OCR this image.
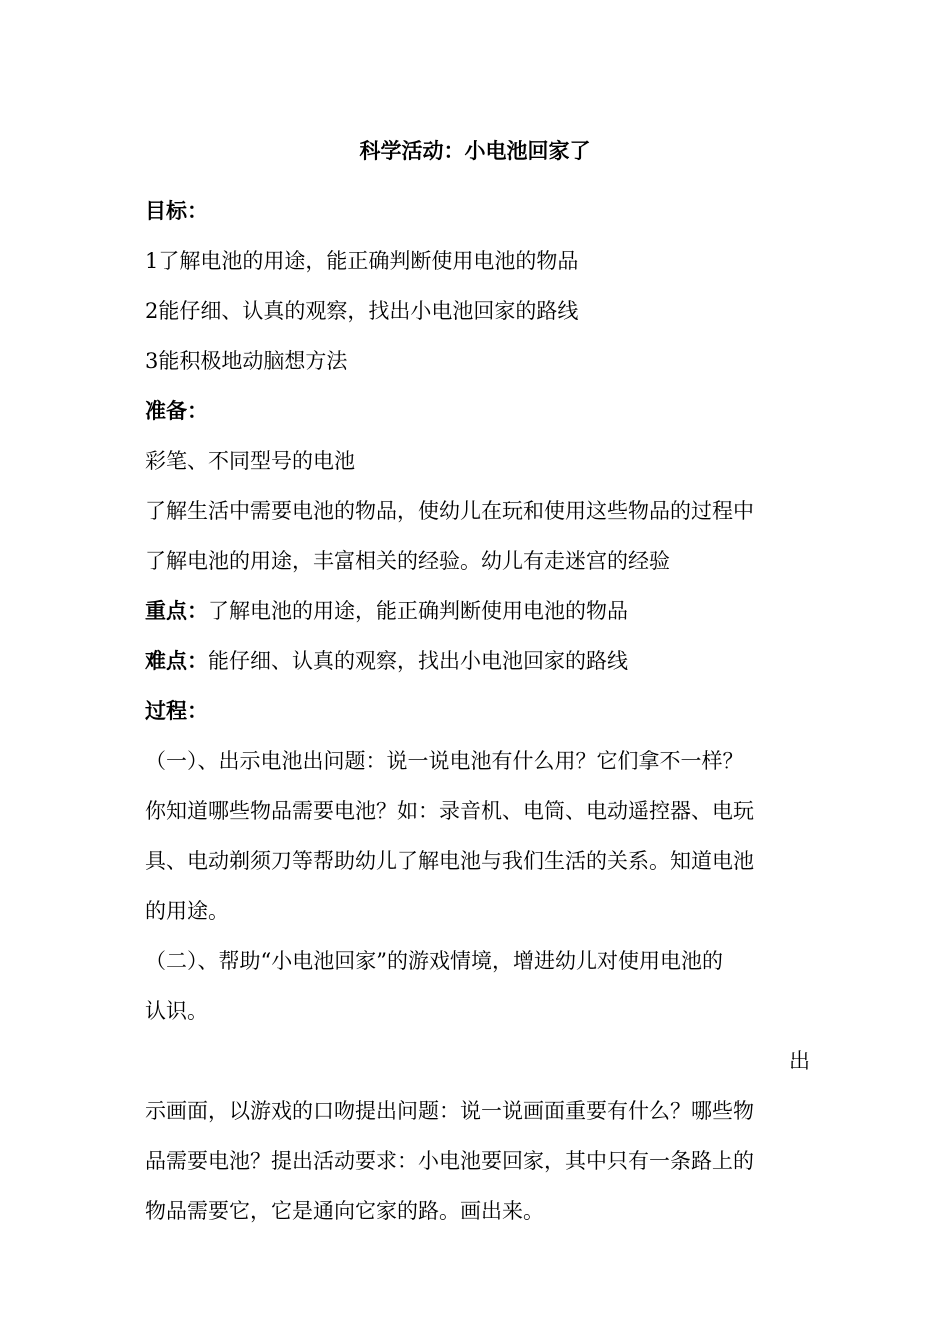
科学活动：小电池回家了
目标：
1了解电池的用途，能正确判断使用电池的物品
2能仔细、认真的观察，找出小电池回家的路线
3能积极地动脑想方法
准备：
彩笔、不同型号的电池
了解生活中需要电池的物品，使幼儿在玩和使用这些物品的过程中
了解电池的用途，丰富相关的经验。幼儿有走迷宫的经验
重点：了解电池的用途，能正确判断使用电池的物品
难点：能仔细、认真的观察，找出小电池回家的路线
过程：
（一）、出示电池出问题：说一说电池有什么用？它们拿不一样？
你知道哪些物品需要电池？如：录音机、电筒、电动遥控器、电玩
具、电动剃须刀等帮助幼儿了解电池与我们生活的关系。知道电池
的用途。
（二）、帮助“小电池回家”的游戏情境，增进幼儿对使用电池的
认识。
出
示画面，以游戏的口吻提出问题：说一说画面重要有什么？哪些物
品需要电池？提出活动要求：小电池要回家，其中只有一条路上的
物品需要它，它是通向它家的路。画出来。
